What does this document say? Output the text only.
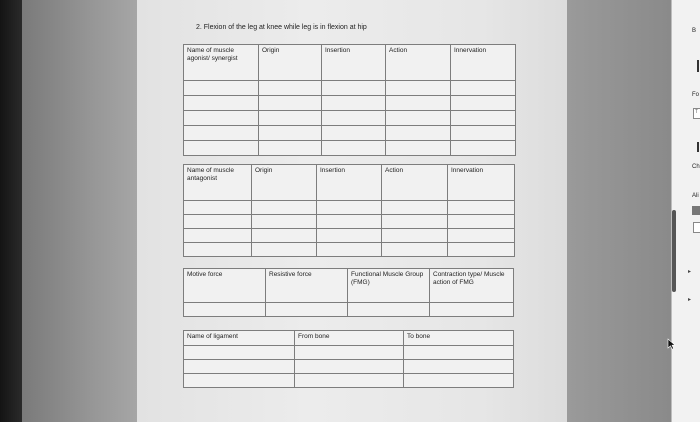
2. Flexion of the leg at knee while leg is in flexion at hip
Name of muscle agonist/ synergist	Origin	Insertion	Action	Innervation

Name of muscle antagonist	Origin	Insertion	Action	Innervation

Motive force	Resistive force	Functional Muscle Group (FMG)	Contraction type/ Muscle action of FMG

Name of ligament	From bone	To bone

B
Fo
T
Ch
Ali
▸
▸
